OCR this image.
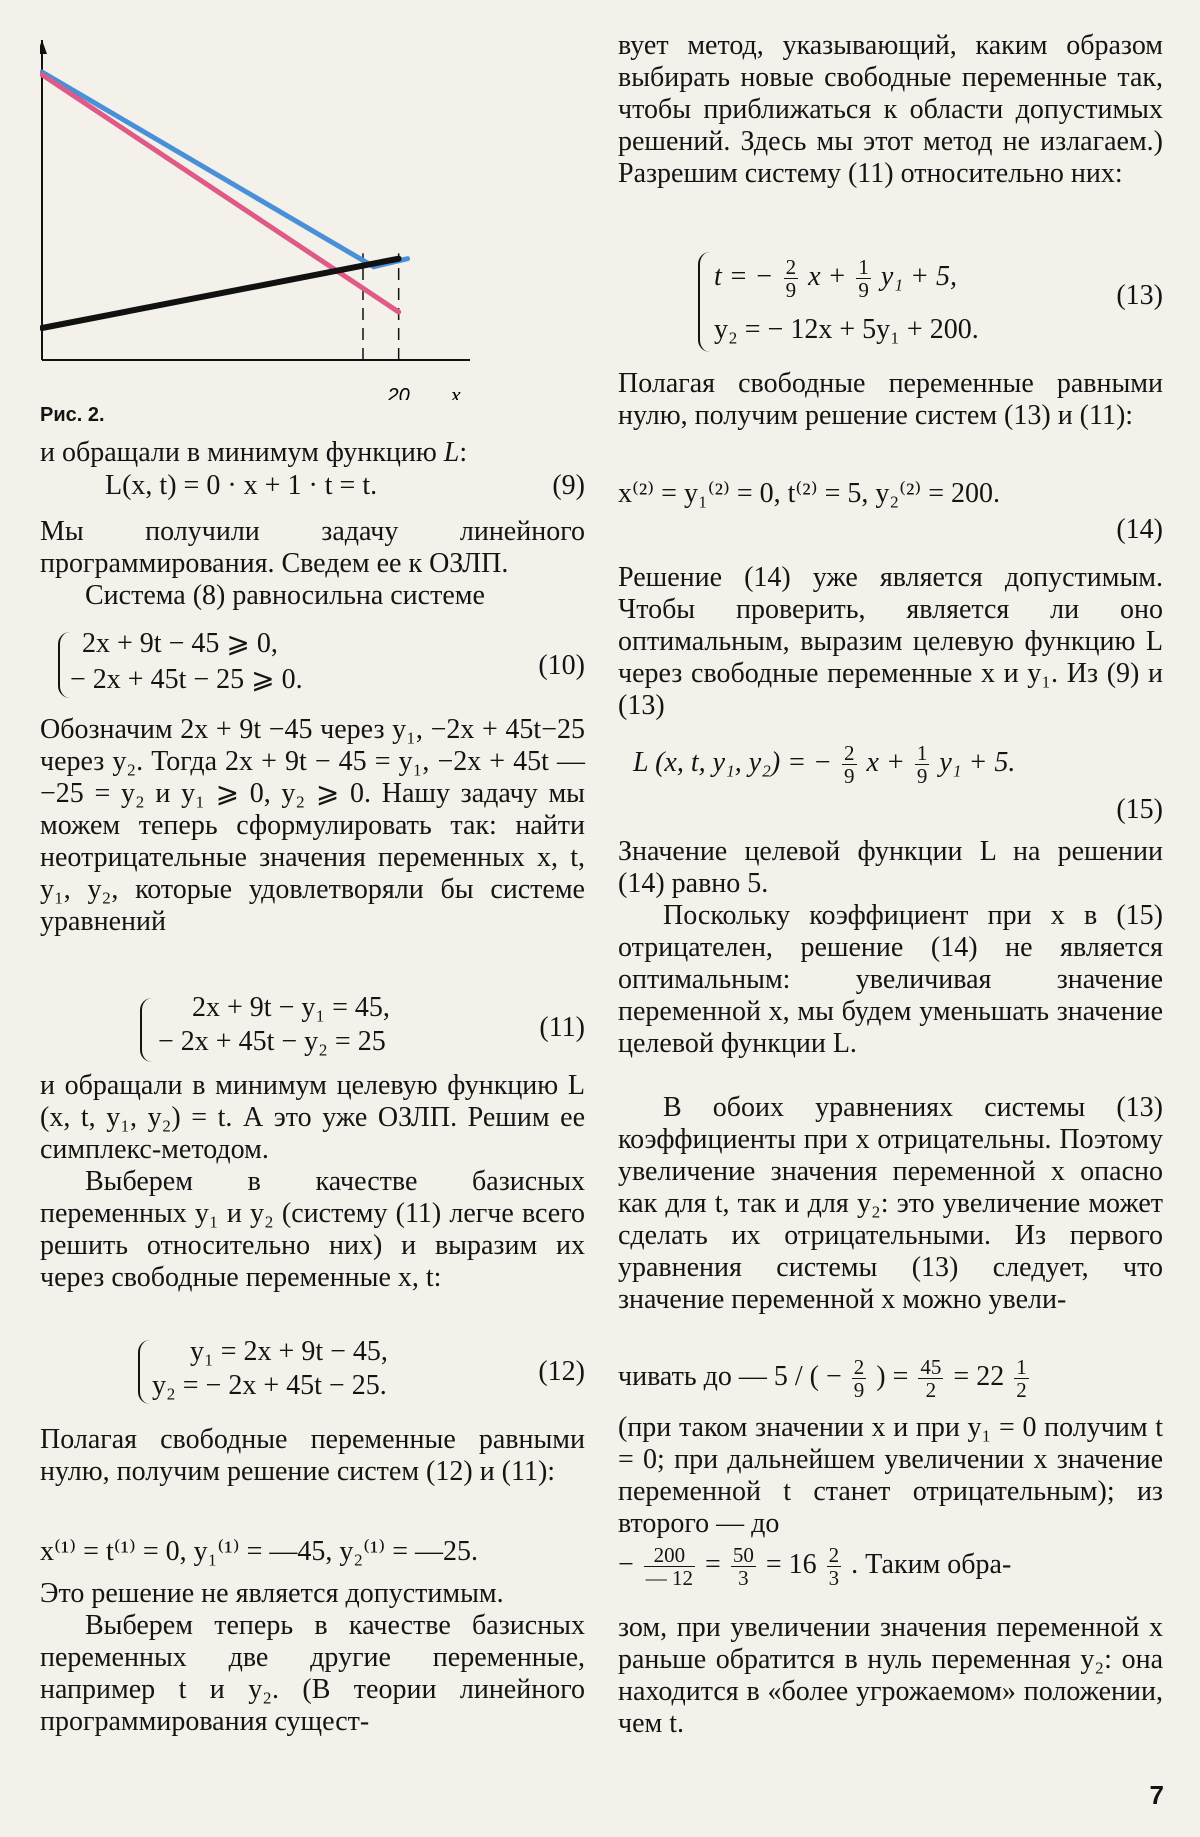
20 x
Рис. 2.
и обращали в минимум функцию L:
L(x, t) = 0 · x + 1 · t = t.	(9)

Мы получили задачу линейного программирования. Сведем ее к ОЗЛП.

Система (8) равносильна системе

2x + 9t − 45 ⩾ 0,
− 2x + 45t − 25 ⩾ 0.	(10)

Обозначим 2x + 9t −45 через y₁, −2x + 45t−25 через y₂. Тогда 2x + 9t − 45 = y₁, −2x + 45t — −25 = y₂ и y₁ ⩾ 0, y₂ ⩾ 0. Нашу задачу мы можем теперь сформулировать так: найти неотрицательные значения переменных x, t, y₁, y₂, которые удовлетворяли бы системе уравнений

2x + 9t − y₁ = 45,
− 2x + 45t − y₂ = 25	(11)

и обращали в минимум целевую функцию L (x, t, y₁, y₂) = t. А это уже ОЗЛП. Решим ее симплекс-методом.

Выберем в качестве базисных переменных y₁ и y₂ (систему (11) легче всего решить относительно них) и выразим их через свободные переменные x, t:

y₁ = 2x + 9t − 45,
y₂ = − 2x + 45t − 25.	(12)

Полагая свободные переменные равными нулю, получим решение систем (12) и (11):

x⁽¹⁾ = t⁽¹⁾ = 0, y₁⁽¹⁾ = —45, y₂⁽¹⁾ = —25.

Это решение не является допустимым.

Выберем теперь в качестве базисных переменных две другие переменные, например t и y₂. (В теории линейного программирования сущест-

вует метод, указывающий, каким образом выбирать новые свободные переменные так, чтобы приближаться к области допустимых решений. Здесь мы этот метод не излагаем.) Разрешим систему (11) относительно них:

t = − $\frac{2}{9}$ $x + \frac{1}{9} y_1 + 5$,
y₂ = − 12x + 5y₁ + 200.
(13)

Полагая свободные переменные равными нулю, получим решение систем (13) и (11):

x⁽²⁾ = y₁⁽²⁾ = 0, t⁽²⁾ = 5, y₂⁽²⁾ = 200.
(14)

Решение (14) уже является допустимым. Чтобы проверить, является ли оно оптимальным, выразим целевую функцию L через свободные переменные x и y₁. Из (9) и (13)

L (x, t, y₁, y₂) = − $\frac{2}{9}$ $x + \frac{1}{9} y_1 + 5$.
(15)

Значение целевой функции L на решении (14) равно 5.

Поскольку коэффициент при x в (15) отрицателен, решение (14) не является оптимальным: увеличивая значение переменной x, мы будем уменьшать значение целевой функции L.

В обоих уравнениях системы (13) коэффициенты при x отрицательны. Поэтому увеличение значения переменной x опасно как для t, так и для y₂: это увеличение может сделать их отрицательными. Из первого уравнения системы (13) следует, что значение переменной x можно увели-

чивать до — 5 / ( − $\frac{2}{9}$ ) = $\frac{45}{2} = 22 \frac{1}{2}$

(при таком значении x и при y₁ = 0 получим t = 0; при дальнейшем увеличении x значение переменной t станет отрицательным); из второго — до

− $\frac{200}{— 12} = \frac{50}{3} = 16 \frac{2}{3}$ . Таким обра-

зом, при увеличении значения переменной x раньше обратится в нуль переменная y₂: она находится в «более угрожаемом» положении, чем t.

7
